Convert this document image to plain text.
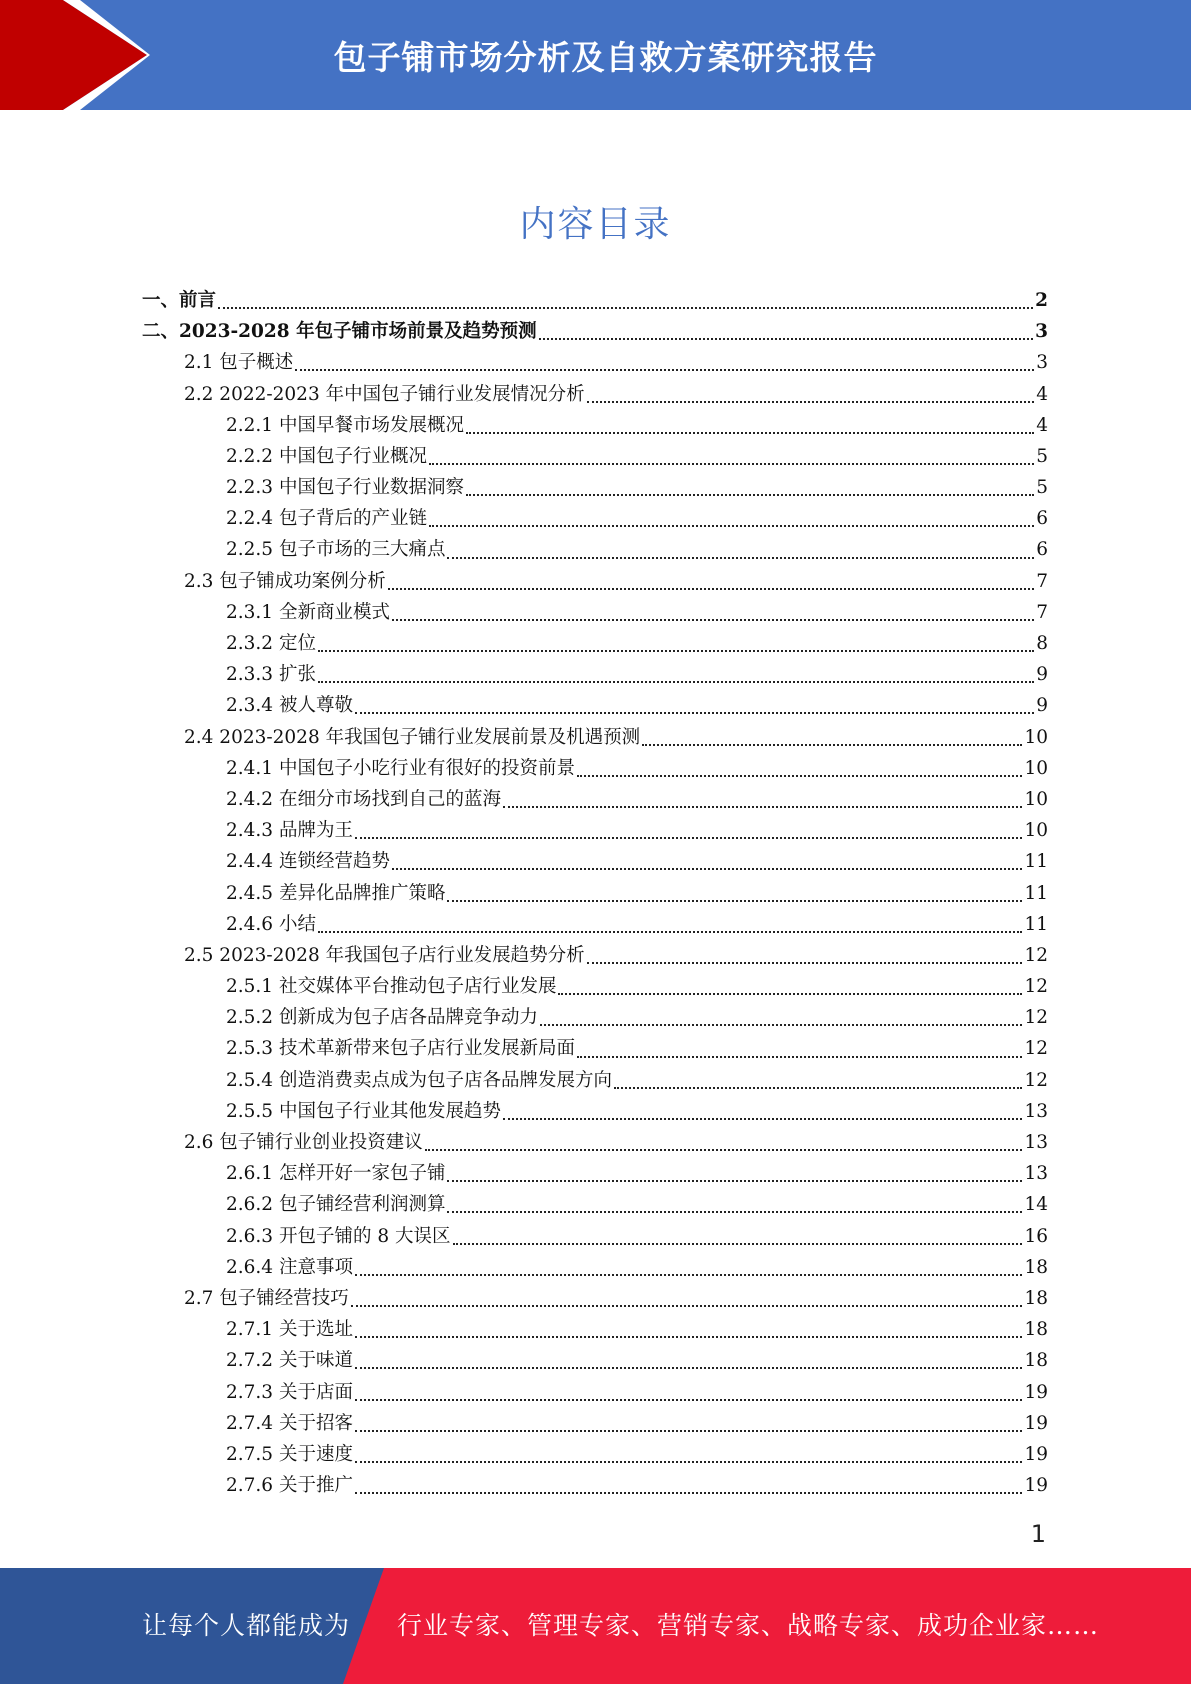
包子铺市场分析及自救方案研究报告
内容目录
一、前言	2
二、2023-2028 年包子铺市场前景及趋势预测	3
2.1 包子概述	3
2.2 2022-2023 年中国包子铺行业发展情况分析	4
2.2.1 中国早餐市场发展概况	4
2.2.2 中国包子行业概况	5
2.2.3 中国包子行业数据洞察	5
2.2.4 包子背后的产业链	6
2.2.5 包子市场的三大痛点	6
2.3 包子铺成功案例分析	7
2.3.1 全新商业模式	7
2.3.2 定位	8
2.3.3 扩张	9
2.3.4 被人尊敬	9
2.4 2023-2028 年我国包子铺行业发展前景及机遇预测	10
2.4.1 中国包子小吃行业有很好的投资前景	10
2.4.2 在细分市场找到自己的蓝海	10
2.4.3 品牌为王	10
2.4.4 连锁经营趋势	11
2.4.5 差异化品牌推广策略	11
2.4.6 小结	11
2.5 2023-2028 年我国包子店行业发展趋势分析	12
2.5.1 社交媒体平台推动包子店行业发展	12
2.5.2 创新成为包子店各品牌竞争动力	12
2.5.3 技术革新带来包子店行业发展新局面	12
2.5.4 创造消费卖点成为包子店各品牌发展方向	12
2.5.5 中国包子行业其他发展趋势	13
2.6 包子铺行业创业投资建议	13
2.6.1 怎样开好一家包子铺	13
2.6.2 包子铺经营利润测算	14
2.6.3 开包子铺的 8 大误区	16
2.6.4 注意事项	18
2.7 包子铺经营技巧	18
2.7.1 关于选址	18
2.7.2 关于味道	18
2.7.3 关于店面	19
2.7.4 关于招客	19
2.7.5 关于速度	19
2.7.6 关于推广	19
1
让每个人都能成为 行业专家、管理专家、营销专家、战略专家、成功企业家……
